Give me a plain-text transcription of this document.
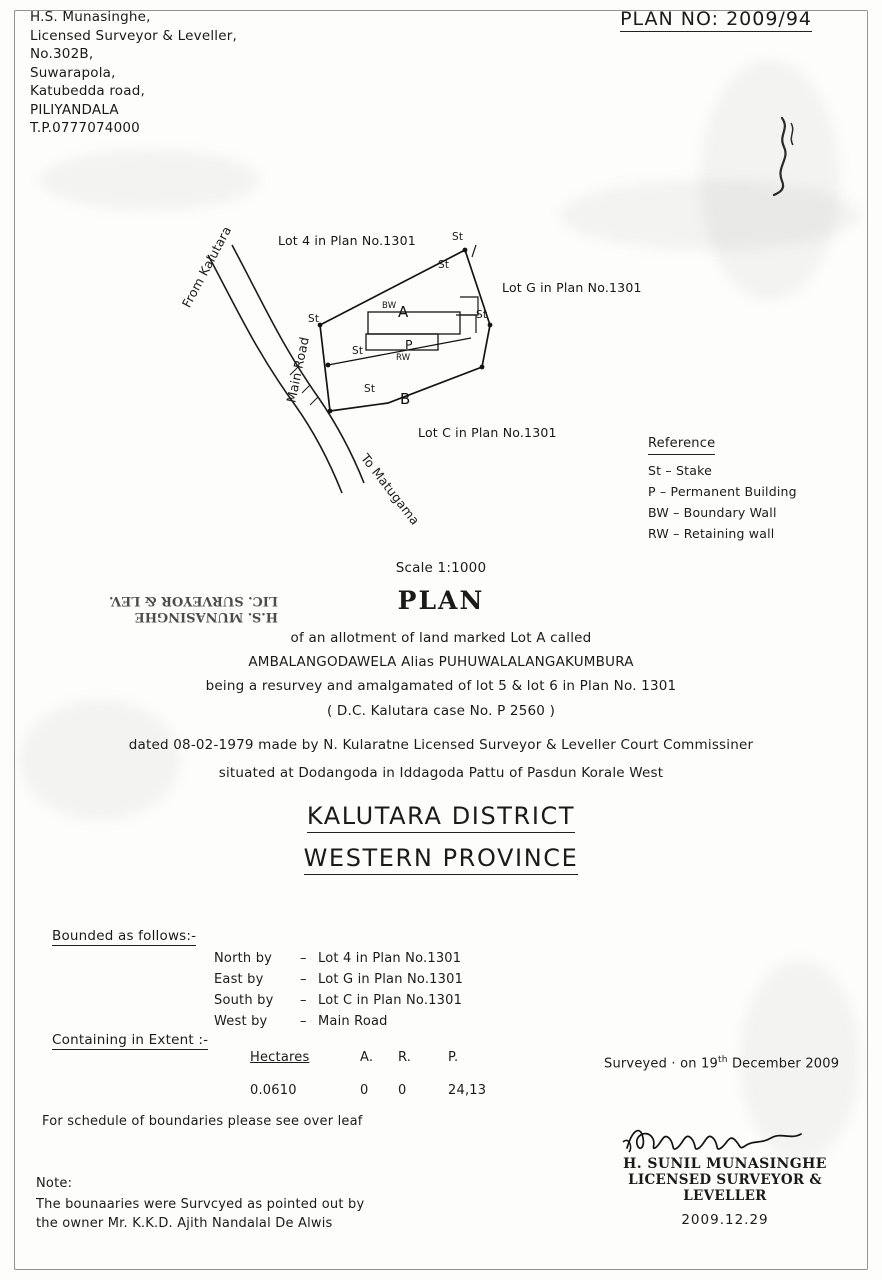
H.S. Munasinghe,
Licensed Surveyor & Leveller,
No.302B,
Suwarapola,
Katubedda road,
PILIYANDALA
T.P.0777074000
PLAN NO: 2009/94
Lot 4 in Plan No.1301
Lot G in Plan No.1301
Lot C in Plan No.1301
From Kalutara
Main Road
To Matugama
A
B
P
St
St
St
St
St
St
BW
RW
Reference
St – Stake
P – Permanent Building
BW – Boundary Wall
RW – Retaining wall
Scale 1:1000
PLAN
H.S. MUNASINGHE
LIC. SURVEYOR & LEV.
of an allotment of land marked Lot A called
AMBALANGODAWELA Alias PUHUWALALANGAKUMBURA
being a resurvey and amalgamated of lot 5 & lot 6 in Plan No. 1301
( D.C. Kalutara case No. P 2560 )
dated 08-02-1979 made by N. Kularatne Licensed Surveyor & Leveller Court Commissiner
situated at Dodangoda in Iddagoda Pattu of Pasdun Korale West
KALUTARA DISTRICT
WESTERN PROVINCE
Bounded as follows:-
North by	– Lot 4 in Plan No.1301
East by	– Lot G in Plan No.1301
South by	– Lot C in Plan No.1301
West by	– Main Road
Containing in Extent :-
Hectares	A.	R.	P.
0.0610	0	0	24,13
Surveyed · on 19th December 2009
For schedule of boundaries please see over leaf
Note:
The bounaaries were Survcyed as pointed out by
the owner Mr. K.K.D. Ajith Nandalal De Alwis
H. SUNIL MUNASINGHE
LICENSED SURVEYOR & LEVELLER
2009.12.29
